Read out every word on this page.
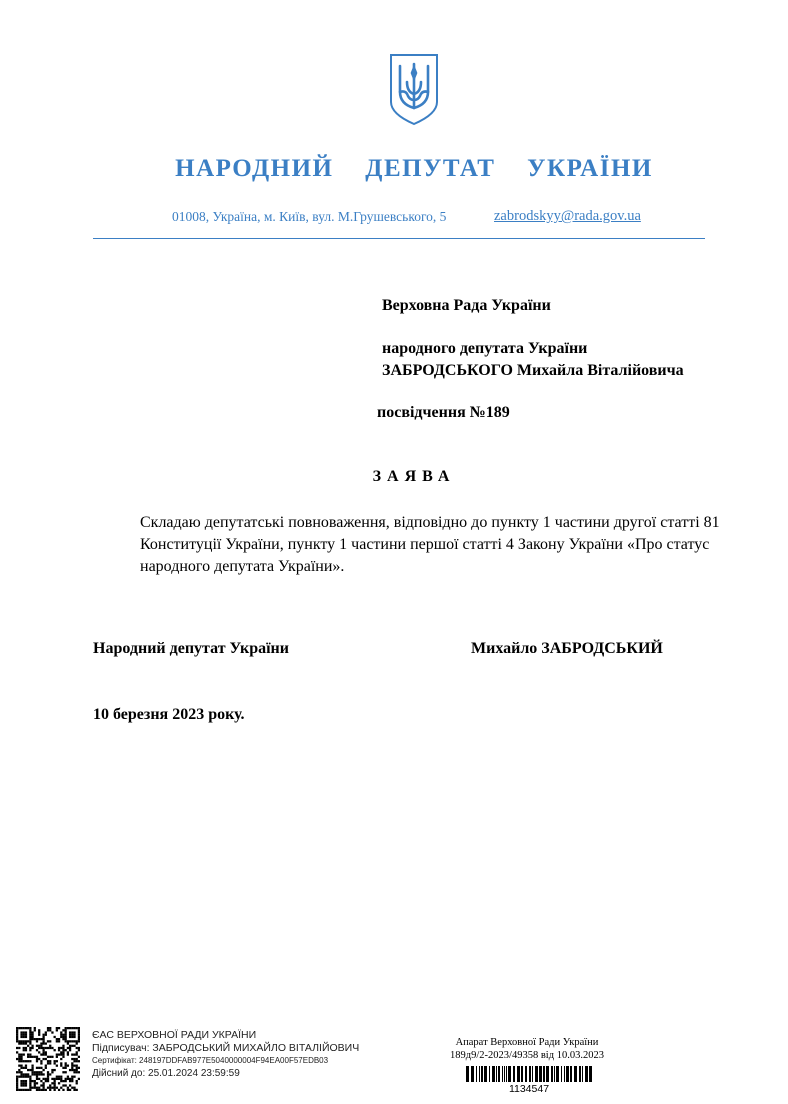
НАРОДНИЙ ДЕПУТАТ УКРАЇНИ
01008, Україна, м. Київ, вул. М.Грушевського, 5	zabrodskyy@rada.gov.ua
Верховна Рада України
народного депутата України
ЗАБРОДСЬКОГО Михайла Віталійовича
посвідчення №189
ЗАЯВА
Складаю депутатські повноваження, відповідно до пункту 1 частини другої статті 81 Конституції України, пункту 1 частини першої статті 4 Закону України «Про статус народного депутата України».
Народний депутат України	Михайло ЗАБРОДСЬКИЙ
10 березня 2023 року.
ЄАС ВЕРХОВНОЇ РАДИ УКРАЇНИ
Підписувач: ЗАБРОДСЬКИЙ МИХАЙЛО ВІТАЛІЙОВИЧ
Сертифікат: 248197DDFAB977E5040000004F94EA00F57EDB03
Дійсний до: 25.01.2024 23:59:59
Апарат Верховної Ради України
189д9/2-2023/49358 від 10.03.2023
1134547
